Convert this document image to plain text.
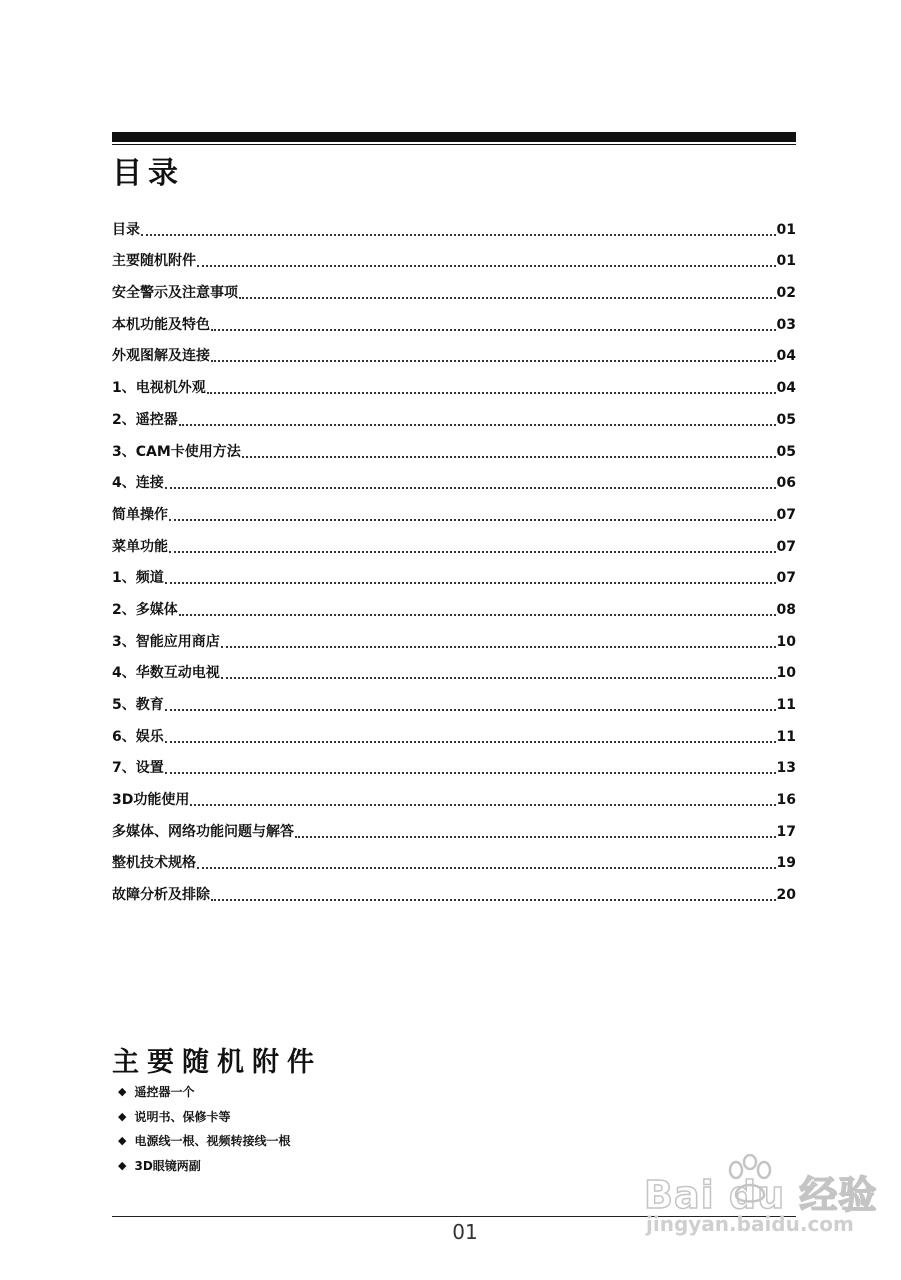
目录
目录	01
主要随机附件	01
安全警示及注意事项	02
本机功能及特色	03
外观图解及连接	04
1、电视机外观	04
2、遥控器	05
3、CAM卡使用方法	05
4、连接	06
简单操作	07
菜单功能	07
1、频道	07
2、多媒体	08
3、智能应用商店	10
4、华数互动电视	10
5、教育	11
6、娱乐	11
7、设置	13
3D功能使用	16
多媒体、网络功能问题与解答	17
整机技术规格	19
故障分析及排除	20
主要随机附件
◆ 遥控器一个
◆ 说明书、保修卡等
◆ 电源线一根、视频转接线一根
◆ 3D眼镜两副
01
Bai du 经验
jingyan.baidu.com
